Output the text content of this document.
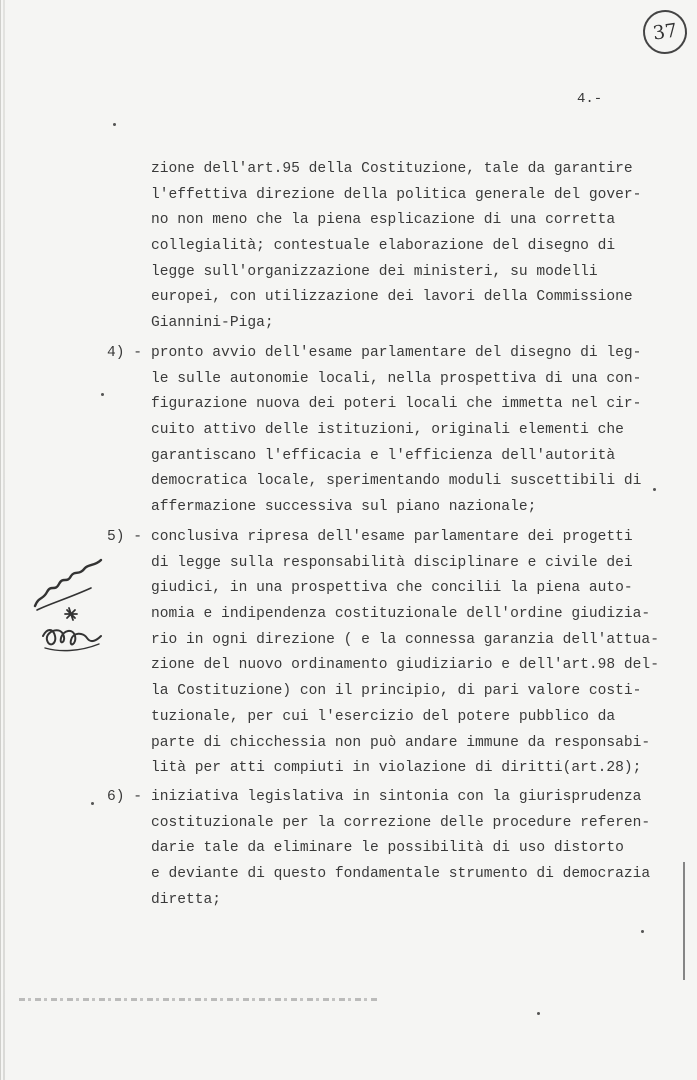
37
4.-
zione dell'art.95 della Costituzione, tale da garantire
l'effettiva direzione della politica generale del gover-
no non meno che la piena esplicazione di una corretta
collegialità; contestuale elaborazione del disegno di
legge sull'organizzazione dei ministeri, su modelli
europei, con utilizzazione dei lavori della Commissione
Giannini-Piga;
4) - pronto avvio dell'esame parlamentare del disegno di leg-
le sulle autonomie locali, nella prospettiva di una con-
figurazione nuova dei poteri locali che immetta nel cir-
cuito attivo delle istituzioni, originali elementi che
garantiscano l'efficacia e l'efficienza dell'autorità
democratica locale, sperimentando moduli suscettibili di
affermazione successiva sul piano nazionale;
5) - conclusiva ripresa dell'esame parlamentare dei progetti
di legge sulla responsabilità disciplinare e civile dei
giudici, in una prospettiva che concilii la piena auto-
nomia e indipendenza costituzionale dell'ordine giudizia-
rio in ogni direzione ( e la connessa garanzia dell'attua-
zione del nuovo ordinamento giudiziario e dell'art.98 del-
la Costituzione) con il principio, di pari valore costi-
tuzionale, per cui l'esercizio del potere pubblico da
parte di chicchessia non può andare immune da responsabi-
lità per atti compiuti in violazione di diritti(art.28);
6) - iniziativa legislativa in sintonia con la giurisprudenza
costituzionale per la correzione delle procedure referen-
darie tale da eliminare le possibilità di uso distorto
e deviante di questo fondamentale strumento di democrazia
diretta;
